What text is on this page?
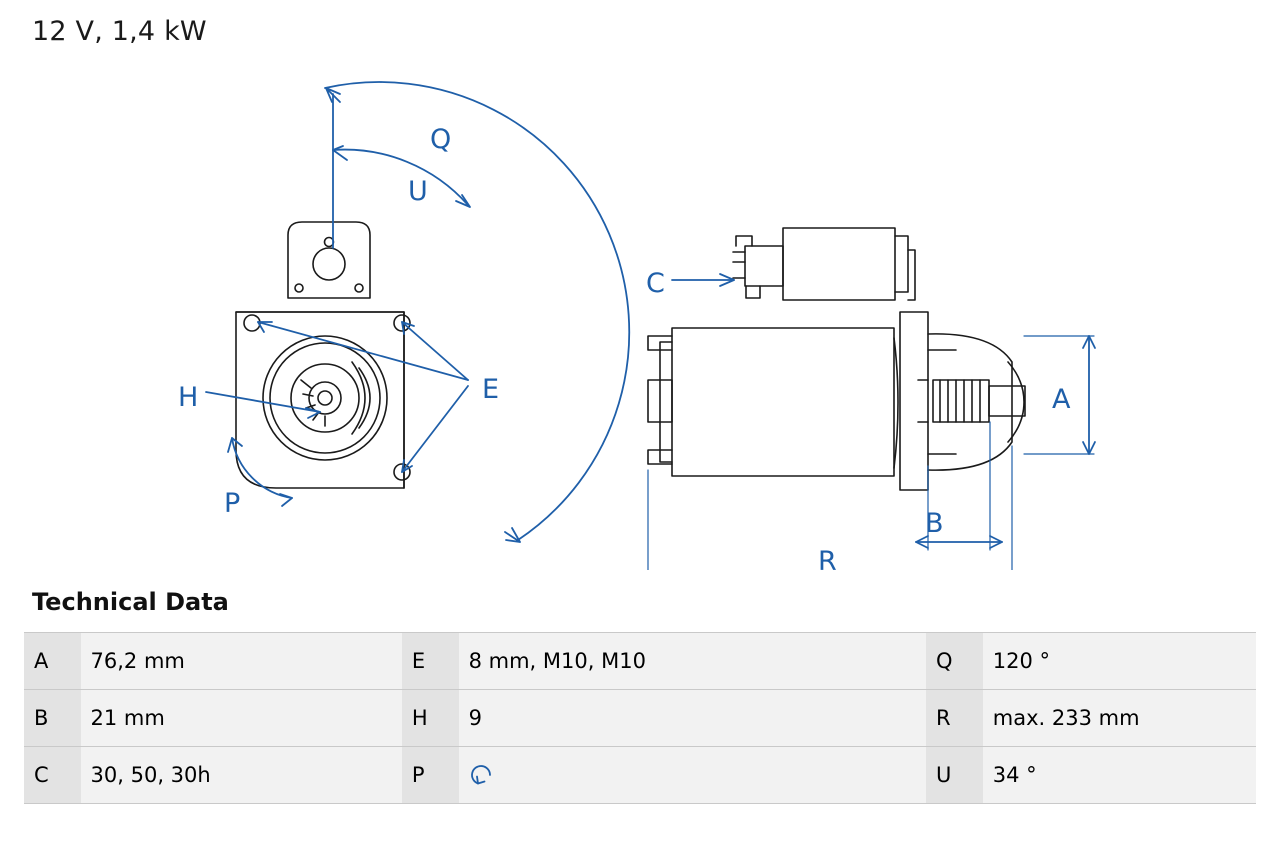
12 V, 1,4 kW
Q
U
E
H
P
C
A
B
R
Technical Data
A	76,2 mm	E	8 mm, M10, M10	Q	120 °
B	21 mm	H	9	R	max. 233 mm
C	30, 50, 30h	P		U	34 °
